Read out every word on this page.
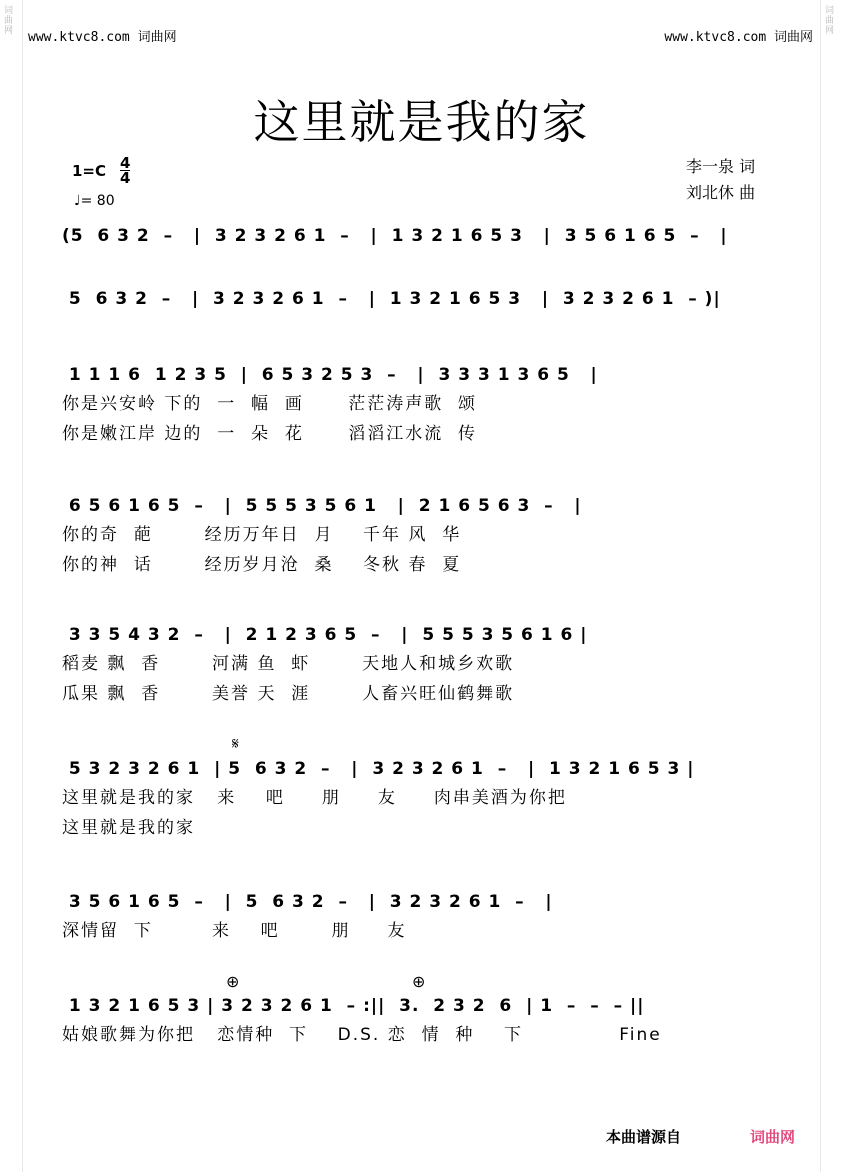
词
曲
网
词
曲
网
www.ktvc8.com 词曲网	www.ktvc8.com 词曲网
这里就是我的家
$1=C \frac{4}{4}$
♩= 80
李一泉 词
刘北休 曲
(5  6 3 2  –   |  3 2 3 2 6 1  –   |  1 3 2 1 6 5 3   |  3 5 6 1 6 5  –   |
5  6 3 2  –   |  3 2 3 2 6 1  –   |  1 3 2 1 6 5 3   |  3 2 3 2 6 1  – )|
1 1 1 6  1 2 3 5  |  6 5 3 2 5 3  –   |  3 3 3 1 3 6 5   |
你是兴安岭 下的  一  幅  画      茫茫涛声歌  颂
你是嫩江岸 边的  一  朵  花      滔滔江水流  传
6 5 6 1 6 5  –   |  5 5 5 3 5 6 1   |  2 1 6 5 6 3  –   |
你的奇  葩       经历万年日  月    千年 风  华
你的神  话       经历岁月沧  桑    冬秋 春  夏
3 3 5 4 3 2  –   |  2 1 2 3 6 5  –   |  5 5 5 3 5 6 1 6 |
稻麦 飘  香       河满 鱼  虾       天地人和城乡欢歌
瓜果 飘  香       美誉 天  涯       人畜兴旺仙鹤舞歌
𝄋
5 3 2 3 2 6 1  | 5  6 3 2  –   |  3 2 3 2 6 1  –   |  1 3 2 1 6 5 3 |
这里就是我的家   来    吧     朋     友     肉串美酒为你把
这里就是我的家
3 5 6 1 6 5  –   |  5  6 3 2  –   |  3 2 3 2 6 1  –   |
深情留  下        来    吧       朋     友
⊕	⊕
1 3 2 1 6 5 3 | 3 2 3 2 6 1  – :||  3.  2 3 2  6  | 1  –  –  – ||
姑娘歌舞为你把   恋情种  下    D.S. 恋  情  种    下             Fine
本曲谱源自	词曲网
